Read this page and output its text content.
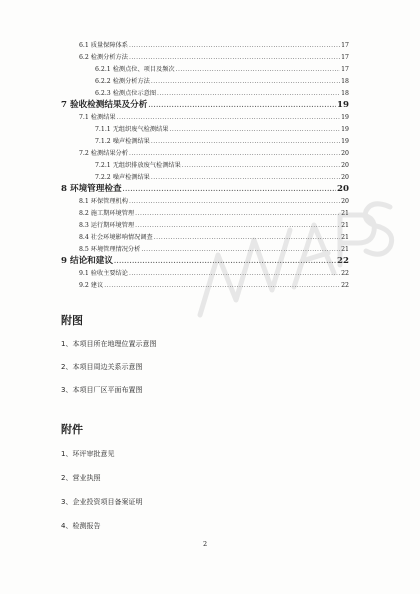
6.1 质量保障体系 .....	17
6.2 检测分析方法 .....	17
6.2.1 检测点位、项目及频次 .....	17
6.2.2 检测分析方法 .....	18
6.2.3 检测点位示意图 .....	18
7 验收检测结果及分析 .....	19
7.1 检测结果 .....	19
7.1.1 无组织废气检测结果 .....	19
7.1.2 噪声检测结果 .....	19
7.2 检测结果分析 .....	20
7.2.1 无组织排放废气检测结果 .....	20
7.2.2 噪声检测结果 .....	20
8 环境管理检查 .....	20
8.1 环保管理机构 .....	20
8.2 施工期环境管理 .....	21
8.3 运行期环境管理 .....	21
8.4 社会环境影响情况调查 .....	21
8.5 环境管理情况分析 .....	21
9 结论和建议 .....	22
9.1 验收主要结论 .....	22
9.2 建议 .....	22
附图
1、本项目所在地理位置示意图
2、本项目周边关系示意图
3、本项目厂区平面布置图
附件
1、环评审批意见
2、营业执照
3、企业投资项目备案证明
4、检测报告
2
